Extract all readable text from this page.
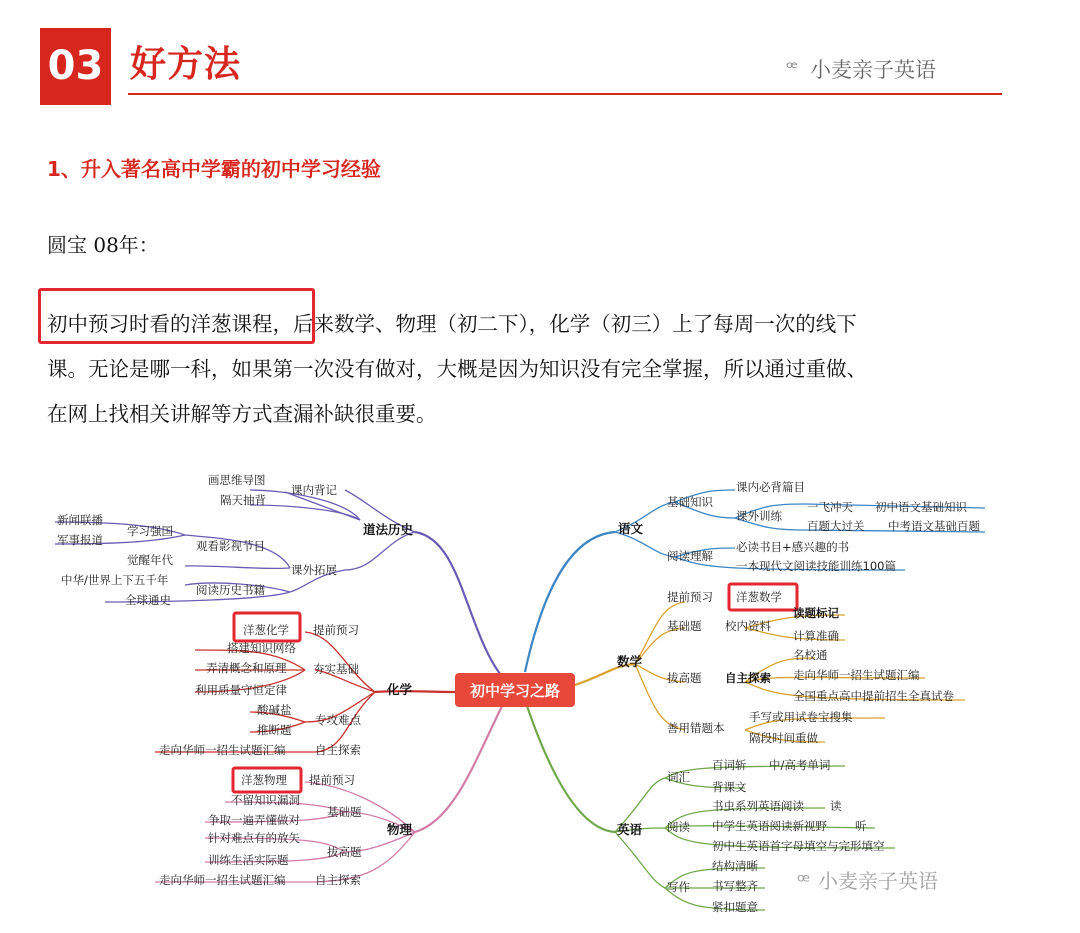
03 好方法	ꟹ 小麦亲子英语
1、升入著名高中学霸的初中学习经验
圆宝 08年：
初中预习时看的洋葱课程，后来数学、物理（初二下），化学（初三）上了每周一次的线下
课。无论是哪一科，如果第一次没有做对，大概是因为知识没有完全掌握，所以通过重做、
在网上找相关讲解等方式查漏补缺很重要。
初中学习之路
道法历史
课内背记
画思维导图
隔天抽背
课外拓展
观看影视节目
学习强国
觉醒年代
新闻联播
军事报道
阅读历史书籍
中华/世界上下五千年
全球通史
化学
提前预习
洋葱化学
夯实基础
搭建知识网络
弄清概念和原理
利用质量守恒定律
专攻难点
酸碱盐
推断题
自主探索
走向华师一招生试题汇编
物理
提前预习
洋葱物理
基础题
不留知识漏洞
争取一遍弄懂做对
拔高题
针对难点有的放矢
训练生活实际题
自主探索
走向华师一招生试题汇编
语文
基础知识
课内必背篇目
课外训练
一飞冲天
百题大过关
初中语文基础知识
中考语文基础百题
阅读理解
必读书目+感兴趣的书
一本现代文阅读技能训练100篇
数学
提前预习 洋葱数学
基础题 校内资料
读题标记
计算准确
拔高题 自主探索
名校通
走向华师一招生试题汇编
全国重点高中提前招生全真试卷
善用错题本
手写或用试卷宝搜集
隔段时间重做
英语
词汇
百词斩
背课文
中/高考单词
阅读
书虫系列英语阅读
中学生英语阅读新视野
初中生英语首字母填空与完形填空
读
听
写作
结构清晰
书写整齐
紧扣题意
ꟹ 小麦亲子英语
